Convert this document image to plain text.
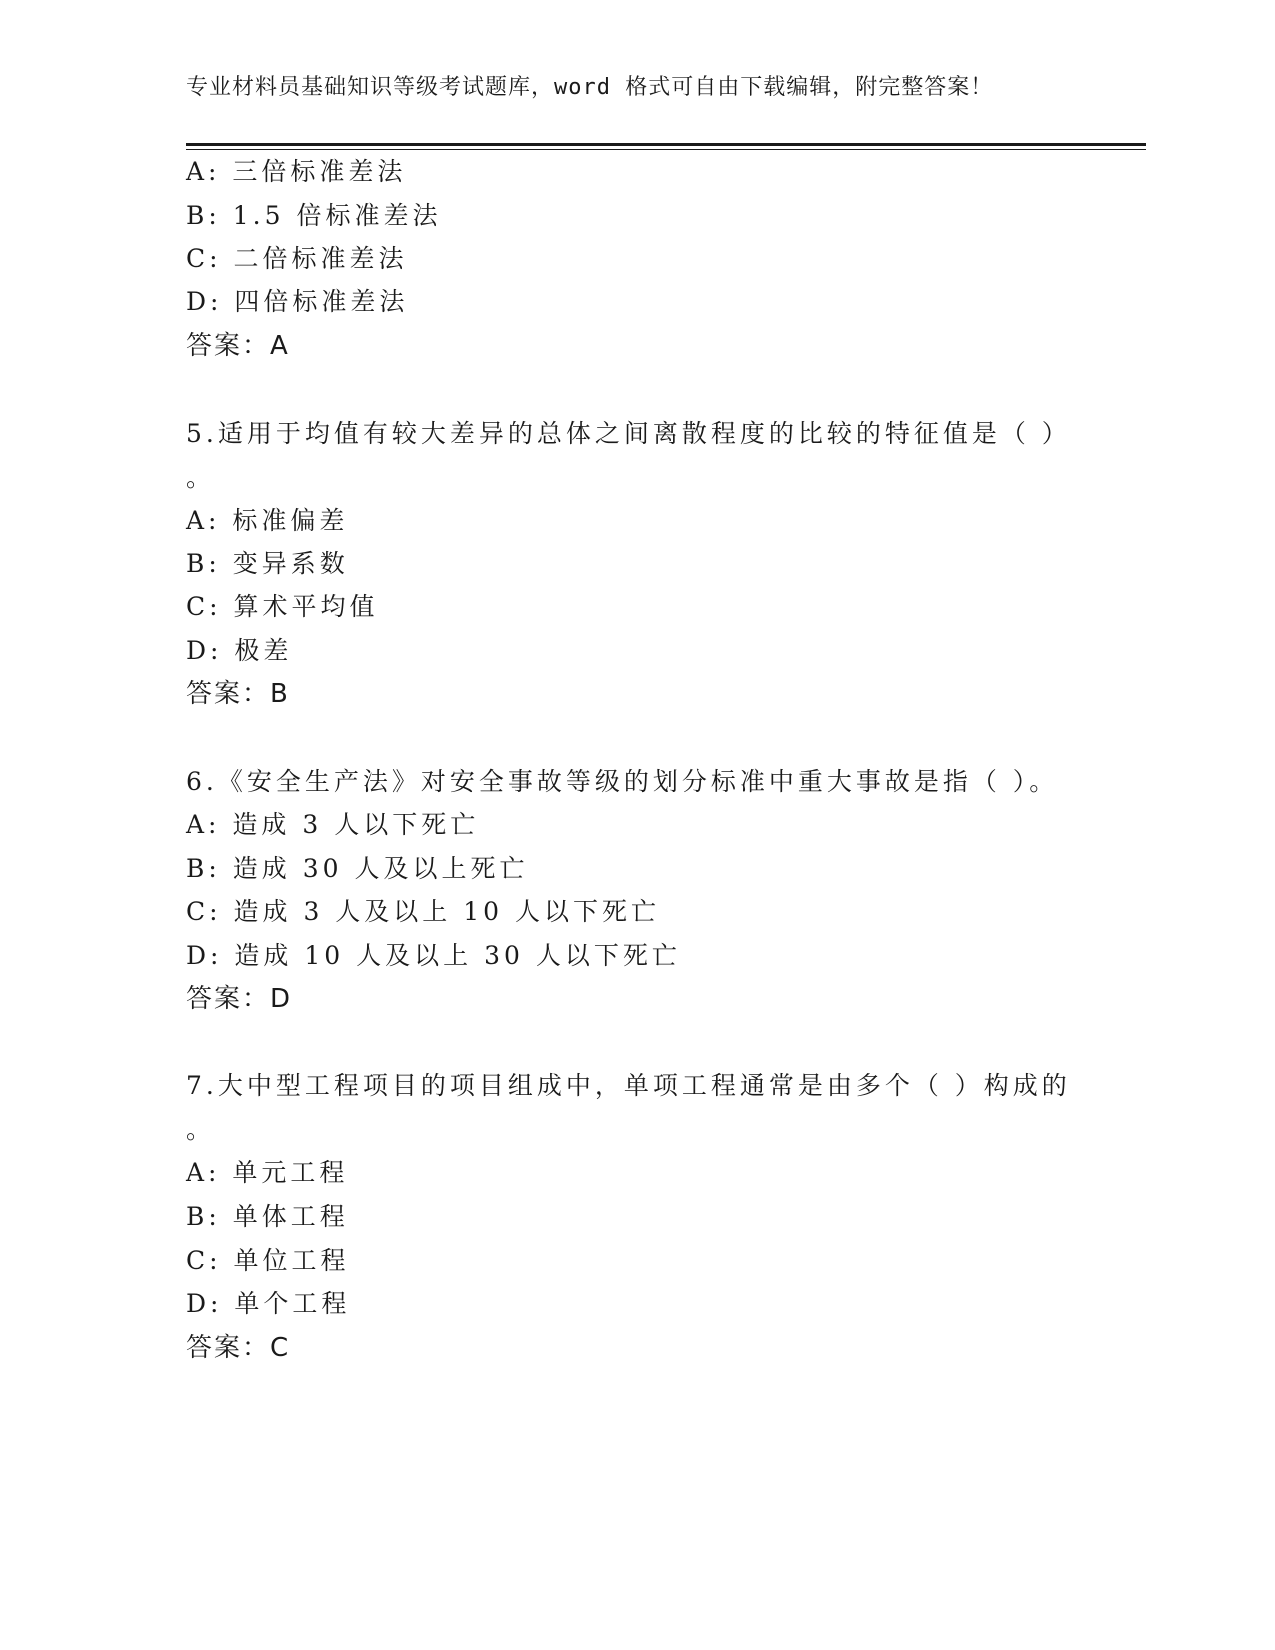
专业材料员基础知识等级考试题库，word 格式可自由下载编辑，附完整答案！
A: 三倍标准差法
B: 1.5 倍标准差法
C: 二倍标准差法
D: 四倍标准差法
答案：A
5.适用于均值有较大差异的总体之间离散程度的比较的特征值是（ ）
。
A: 标准偏差
B: 变异系数
C: 算术平均值
D: 极差
答案：B
6.《安全生产法》对安全事故等级的划分标准中重大事故是指（ ）。
A: 造成 3 人以下死亡
B: 造成 30 人及以上死亡
C: 造成 3 人及以上 10 人以下死亡
D: 造成 10 人及以上 30 人以下死亡
答案：D
7.大中型工程项目的项目组成中，单项工程通常是由多个（ ）构成的
。
A: 单元工程
B: 单体工程
C: 单位工程
D: 单个工程
答案：C
